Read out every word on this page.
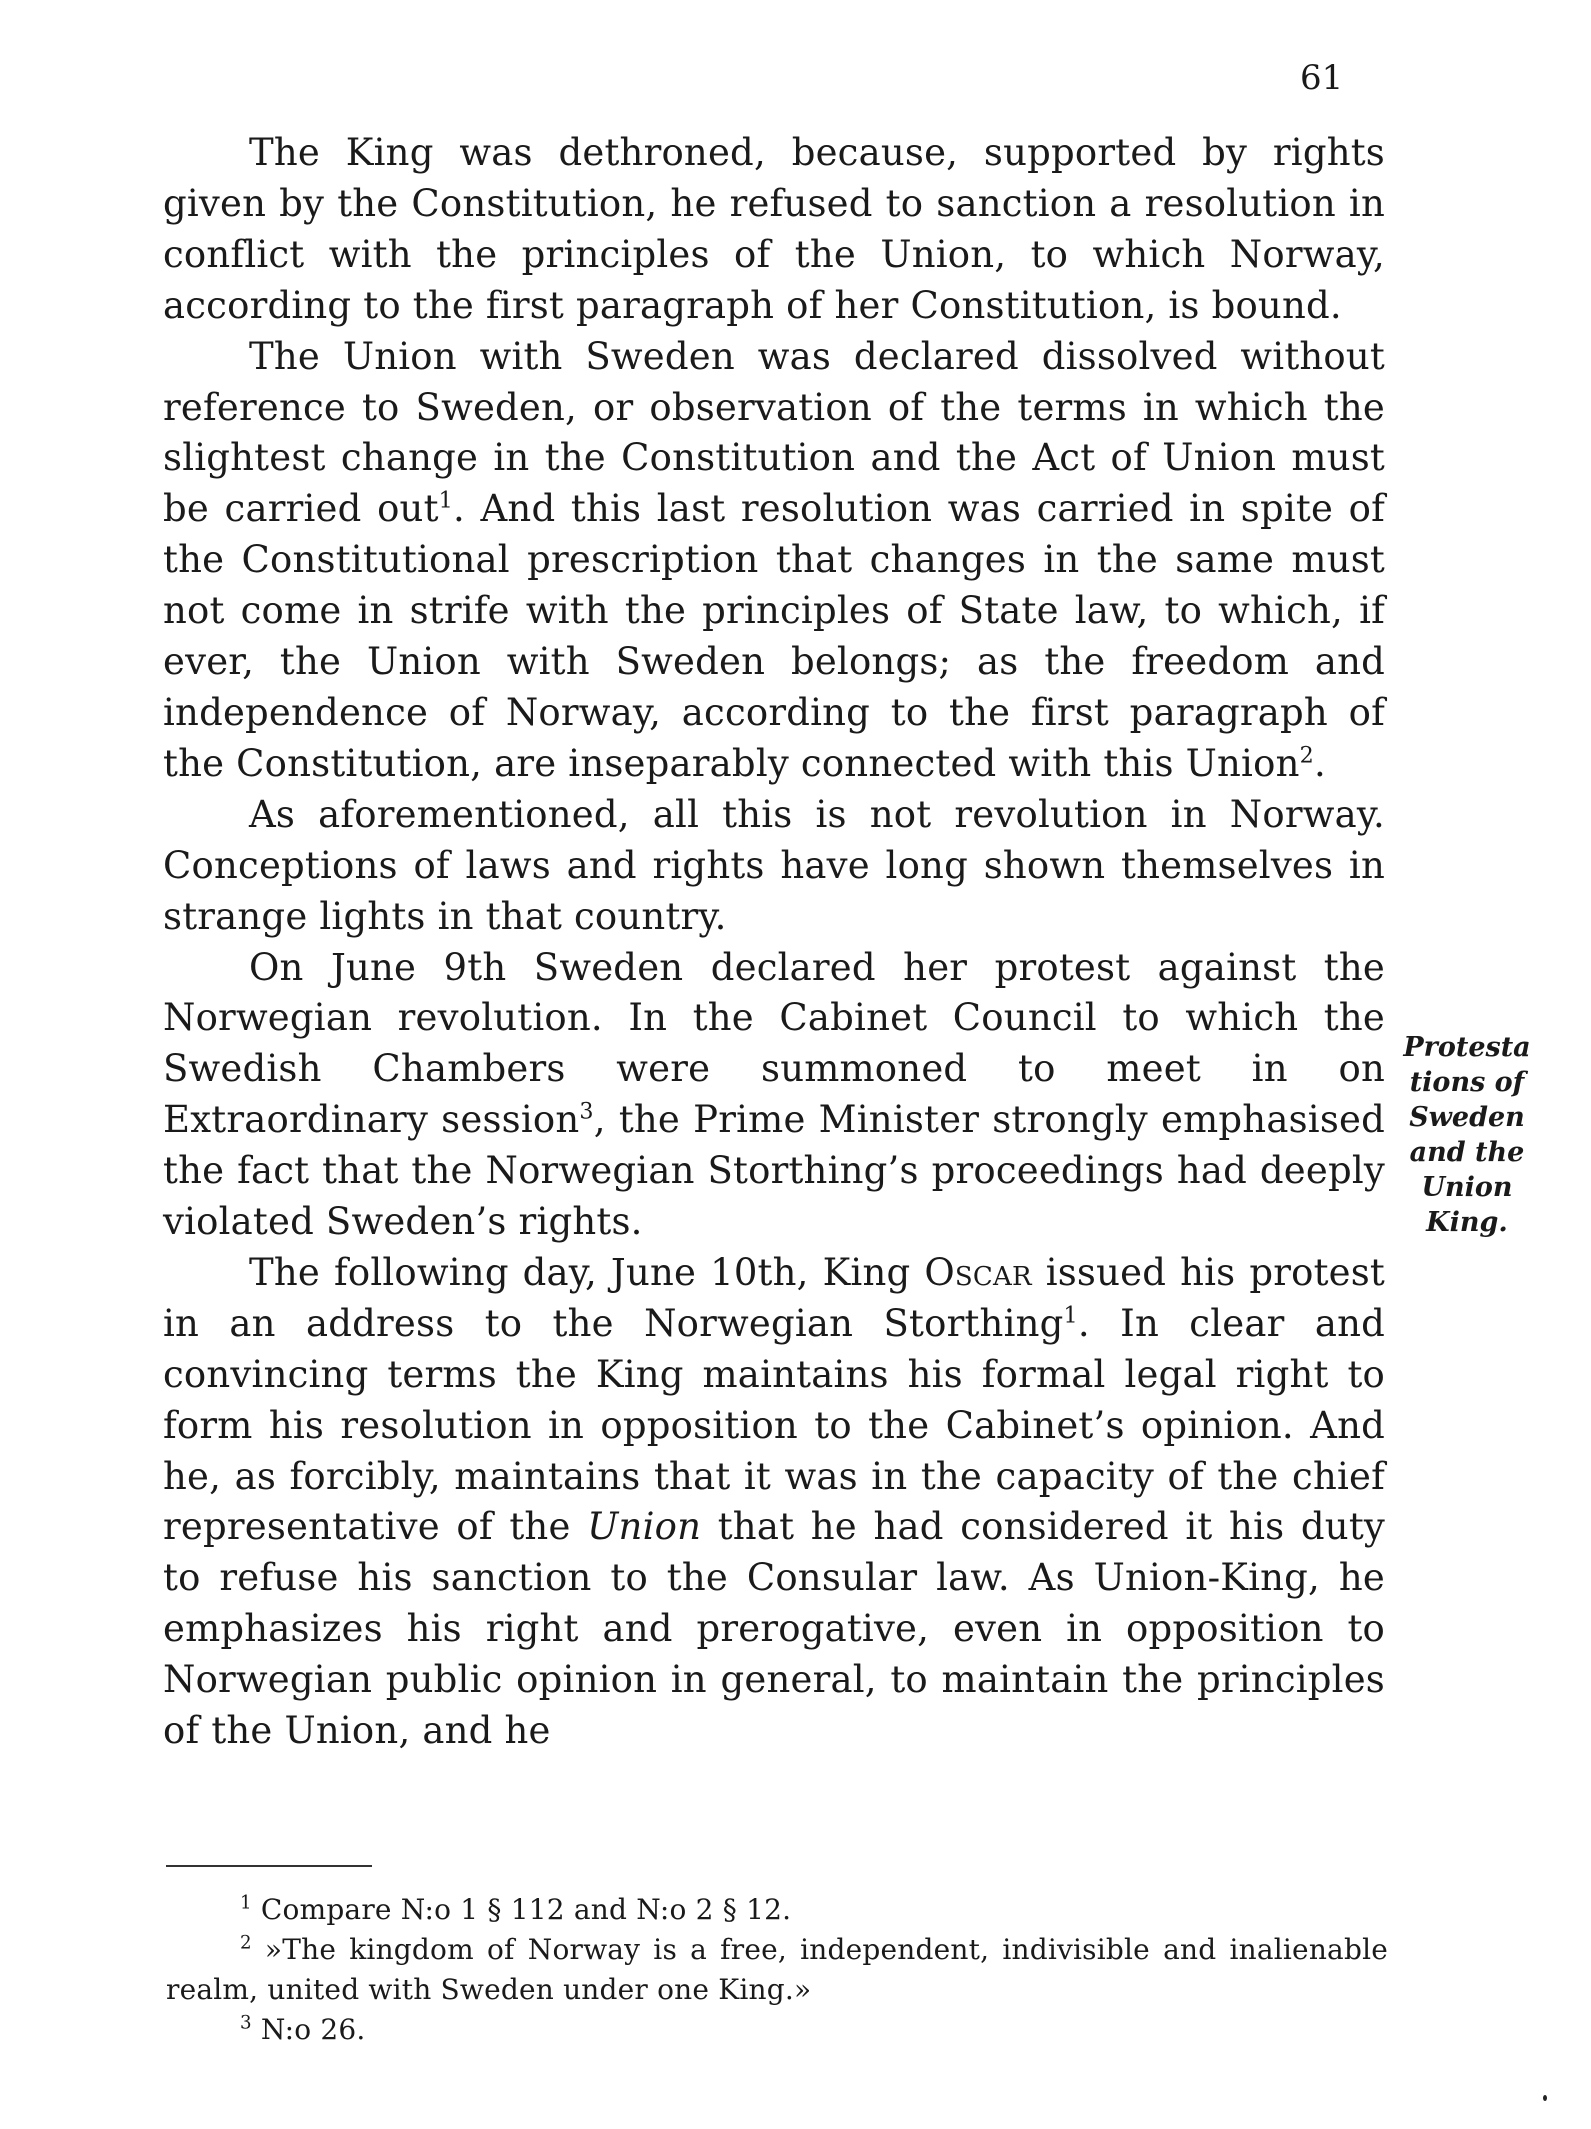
61

The King was dethroned, because, supported by rights given by the Constitution, he refused to sanction a resolution in conflict with the principles of the Union, to which Norway, according to the first paragraph of her Constitution, is bound.

The Union with Sweden was declared dissolved without reference to Sweden, or observation of the terms in which the slightest change in the Constitution and the Act of Union must be carried out$^1$. And this last resolution was carried in spite of the Constitutional prescription that changes in the same must not come in strife with the principles of State law, to which, if ever, the Union with Sweden belongs; as the freedom and independence of Norway, according to the first paragraph of the Constitution, are inseparably connected with this Union$^2$.

As aforementioned, all this is not revolution in Norway. Conceptions of laws and rights have long shown themselves in strange lights in that country.

On June 9th Sweden declared her protest against the Norwegian revolution. In the Cabinet Council to which the Swedish Chambers were summoned to meet in on Extraordinary session$^3$, the Prime Minister strongly emphasised the fact that the Norwegian Storthing’s proceedings had deeply violated Sweden’s rights.

The following day, June 10th, King Oscar issued his protest in an address to the Norwegian Storthing$^1$. In clear and convincing terms the King maintains his formal legal right to form his resolution in opposition to the Cabinet’s opinion. And he, as forcibly, maintains that it was in the capacity of the chief representative of the Union that he had considered it his duty to refuse his sanction to the Consular law. As Union-King, he emphasizes his right and prerogative, even in opposition to Norwegian public opinion in general, to maintain the principles of the Union, and he

Protesta
tions of
Sweden
and the
Union
King.

$^1$ Compare N:o 1 § 112 and N:o 2 § 12.

$^2$ »The kingdom of Norway is a free, independent, indivisible and inalienable realm, united with Sweden under one King.»

$^3$ N:o 26.
